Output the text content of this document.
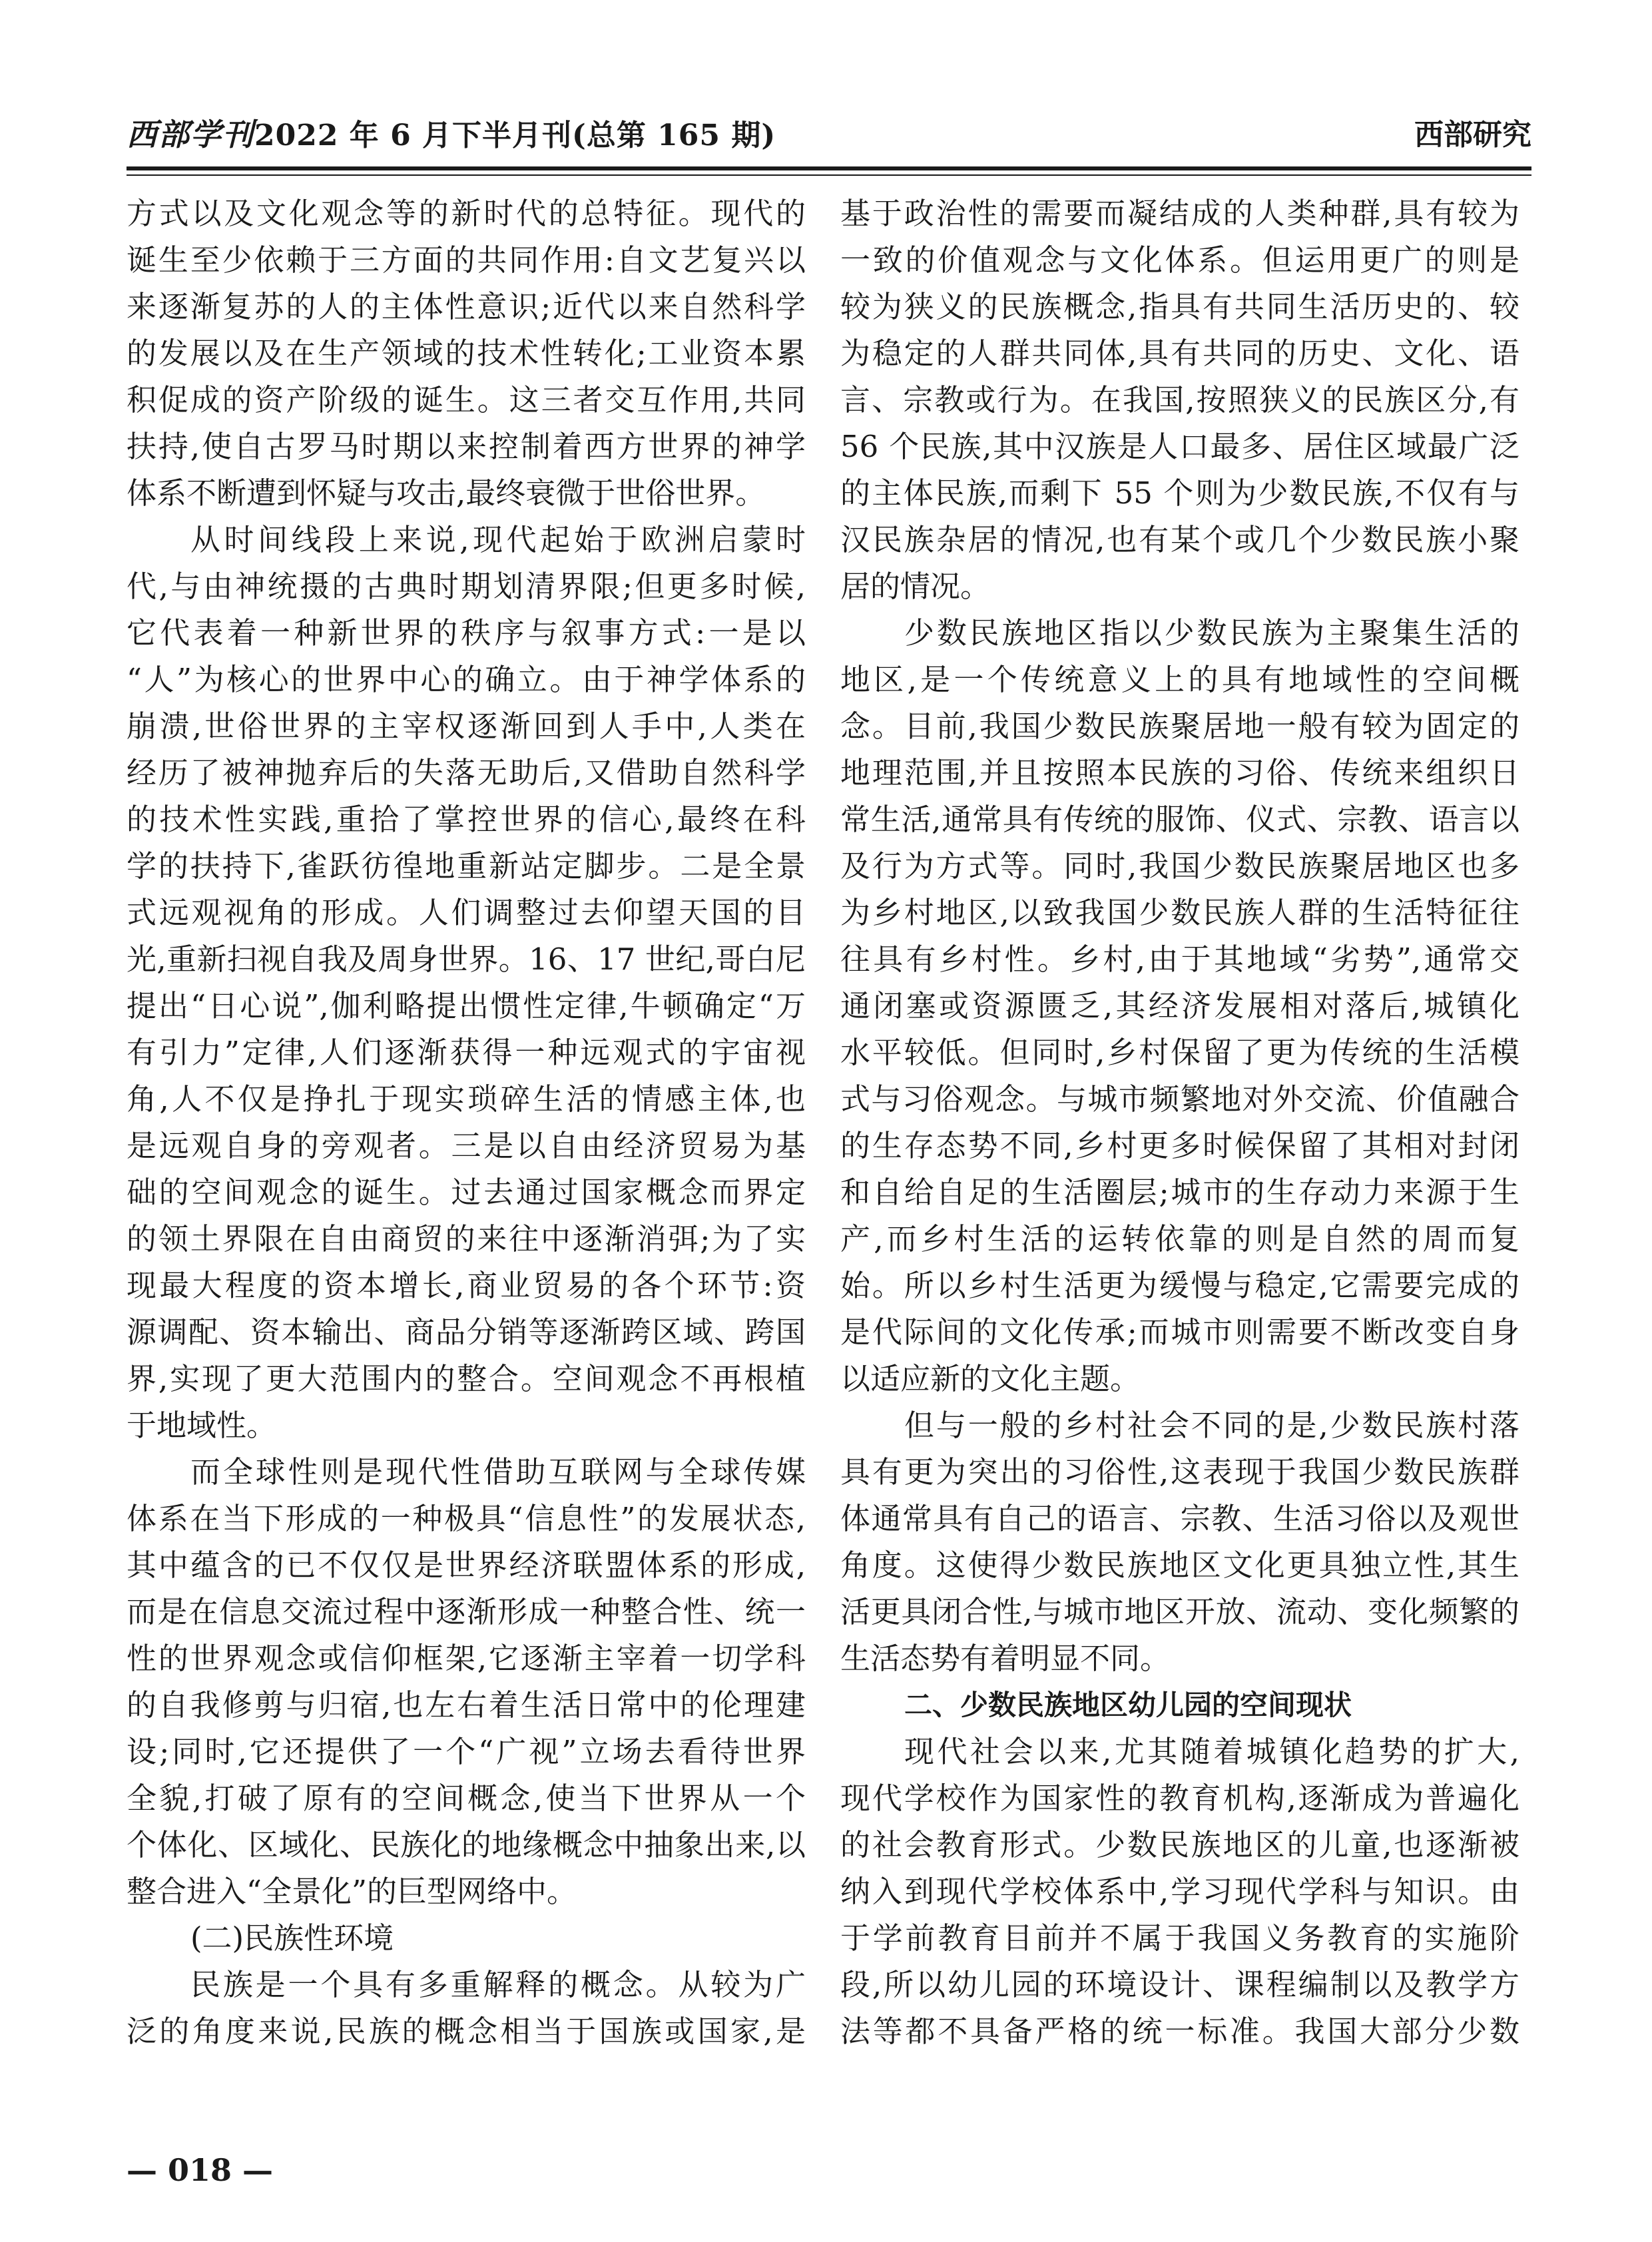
西部学刊2022 年 6 月下半月刊(总第 165 期)	西部研究
方式以及文化观念等的新时代的总特征。现代的
诞生至少依赖于三方面的共同作用:自文艺复兴以
来逐渐复苏的人的主体性意识;近代以来自然科学
的发展以及在生产领域的技术性转化;工业资本累
积促成的资产阶级的诞生。这三者交互作用,共同
扶持,使自古罗马时期以来控制着西方世界的神学
体系不断遭到怀疑与攻击,最终衰微于世俗世界。
从时间线段上来说,现代起始于欧洲启蒙时
代,与由神统摄的古典时期划清界限;但更多时候,
它代表着一种新世界的秩序与叙事方式:一是以
“人”为核心的世界中心的确立。由于神学体系的
崩溃,世俗世界的主宰权逐渐回到人手中,人类在
经历了被神抛弃后的失落无助后,又借助自然科学
的技术性实践,重拾了掌控世界的信心,最终在科
学的扶持下,雀跃彷徨地重新站定脚步。二是全景
式远观视角的形成。人们调整过去仰望天国的目
光,重新扫视自我及周身世界。16、17 世纪,哥白尼
提出“日心说”,伽利略提出惯性定律,牛顿确定“万
有引力”定律,人们逐渐获得一种远观式的宇宙视
角,人不仅是挣扎于现实琐碎生活的情感主体,也
是远观自身的旁观者。三是以自由经济贸易为基
础的空间观念的诞生。过去通过国家概念而界定
的领土界限在自由商贸的来往中逐渐消弭;为了实
现最大程度的资本增长,商业贸易的各个环节:资
源调配、资本输出、商品分销等逐渐跨区域、跨国
界,实现了更大范围内的整合。空间观念不再根植
于地域性。
而全球性则是现代性借助互联网与全球传媒
体系在当下形成的一种极具“信息性”的发展状态,
其中蕴含的已不仅仅是世界经济联盟体系的形成,
而是在信息交流过程中逐渐形成一种整合性、统一
性的世界观念或信仰框架,它逐渐主宰着一切学科
的自我修剪与归宿,也左右着生活日常中的伦理建
设;同时,它还提供了一个“广视”立场去看待世界
全貌,打破了原有的空间概念,使当下世界从一个
个体化、区域化、民族化的地缘概念中抽象出来,以
整合进入“全景化”的巨型网络中。
(二)民族性环境
民族是一个具有多重解释的概念。从较为广
泛的角度来说,民族的概念相当于国族或国家,是
基于政治性的需要而凝结成的人类种群,具有较为
一致的价值观念与文化体系。但运用更广的则是
较为狭义的民族概念,指具有共同生活历史的、较
为稳定的人群共同体,具有共同的历史、文化、语
言、宗教或行为。在我国,按照狭义的民族区分,有
56 个民族,其中汉族是人口最多、居住区域最广泛
的主体民族,而剩下 55 个则为少数民族,不仅有与
汉民族杂居的情况,也有某个或几个少数民族小聚
居的情况。
少数民族地区指以少数民族为主聚集生活的
地区,是一个传统意义上的具有地域性的空间概
念。目前,我国少数民族聚居地一般有较为固定的
地理范围,并且按照本民族的习俗、传统来组织日
常生活,通常具有传统的服饰、仪式、宗教、语言以
及行为方式等。同时,我国少数民族聚居地区也多
为乡村地区,以致我国少数民族人群的生活特征往
往具有乡村性。乡村,由于其地域“劣势”,通常交
通闭塞或资源匮乏,其经济发展相对落后,城镇化
水平较低。但同时,乡村保留了更为传统的生活模
式与习俗观念。与城市频繁地对外交流、价值融合
的生存态势不同,乡村更多时候保留了其相对封闭
和自给自足的生活圈层;城市的生存动力来源于生
产,而乡村生活的运转依靠的则是自然的周而复
始。所以乡村生活更为缓慢与稳定,它需要完成的
是代际间的文化传承;而城市则需要不断改变自身
以适应新的文化主题。
但与一般的乡村社会不同的是,少数民族村落
具有更为突出的习俗性,这表现于我国少数民族群
体通常具有自己的语言、宗教、生活习俗以及观世
角度。这使得少数民族地区文化更具独立性,其生
活更具闭合性,与城市地区开放、流动、变化频繁的
生活态势有着明显不同。
二、少数民族地区幼儿园的空间现状
现代社会以来,尤其随着城镇化趋势的扩大,
现代学校作为国家性的教育机构,逐渐成为普遍化
的社会教育形式。少数民族地区的儿童,也逐渐被
纳入到现代学校体系中,学习现代学科与知识。由
于学前教育目前并不属于我国义务教育的实施阶
段,所以幼儿园的环境设计、课程编制以及教学方
法等都不具备严格的统一标准。我国大部分少数
— 018 —
